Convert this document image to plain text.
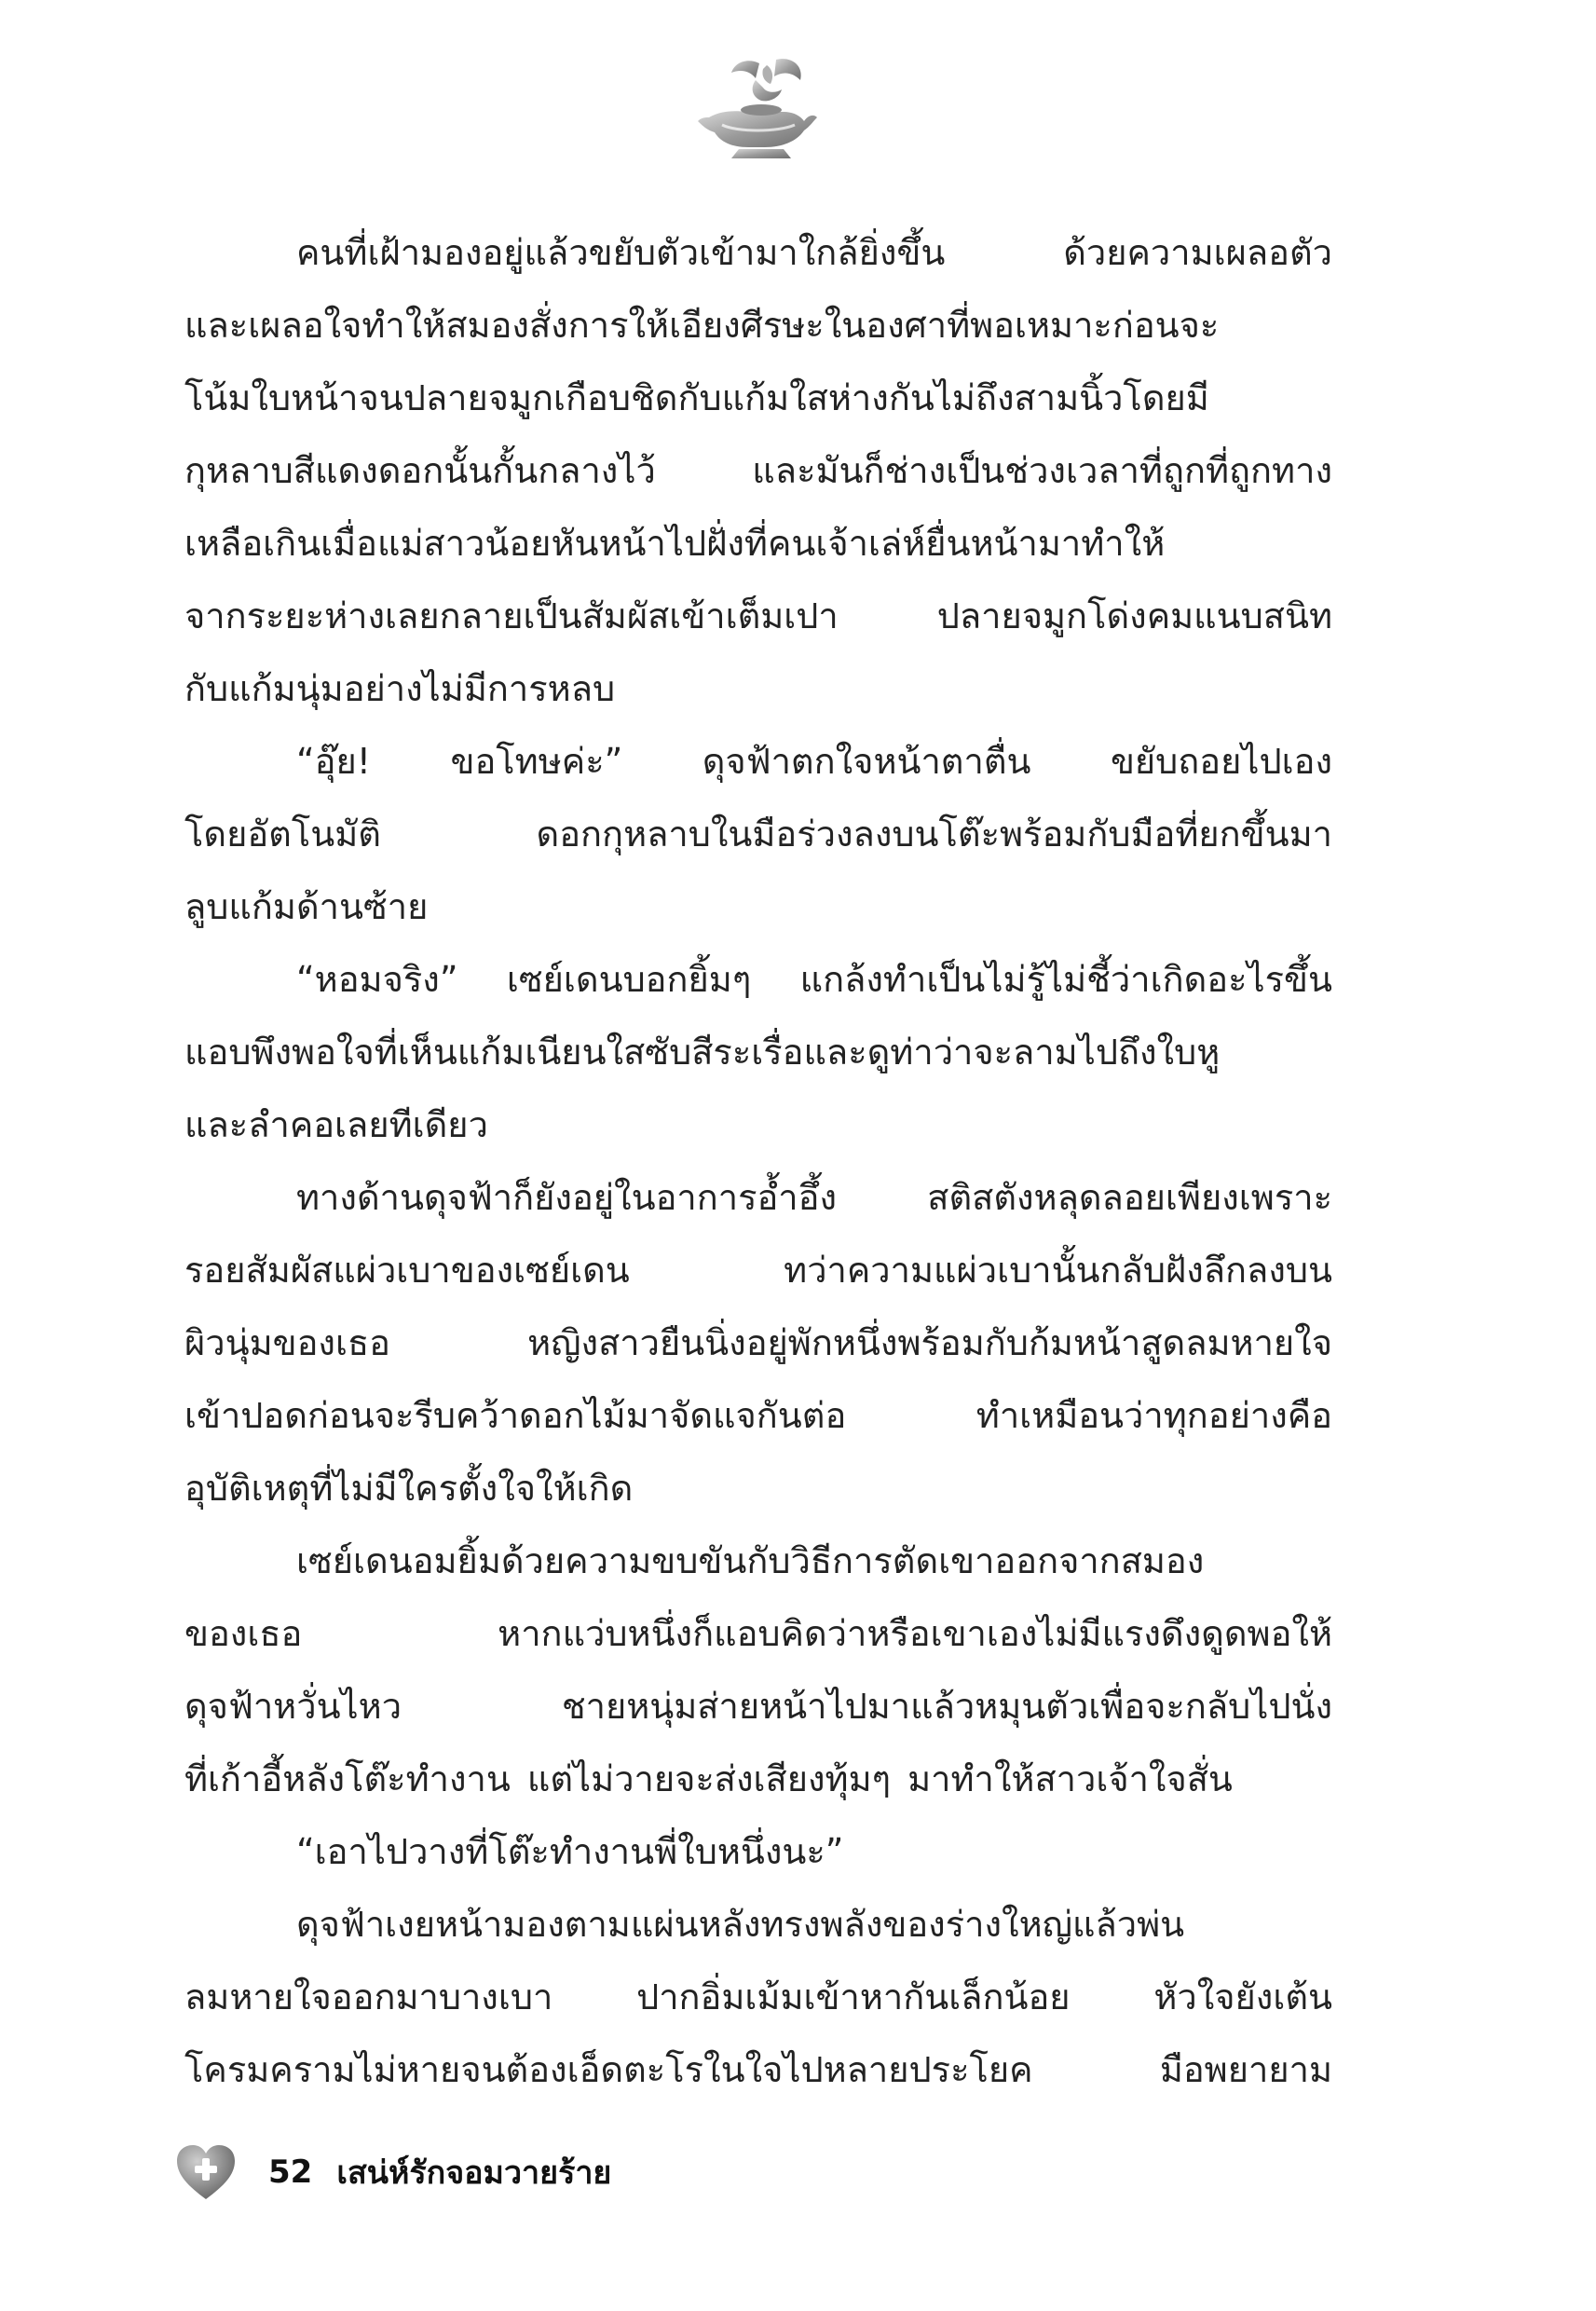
คนที่เฝ้ามองอยู่แล้วขยับตัวเข้ามาใกล้ยิ่งขึ้น	ด้วยความเผลอตัว
และเผลอใจทำให้สมองสั่งการให้เอียงศีรษะในองศาที่พอเหมาะก่อนจะ
โน้มใบหน้าจนปลายจมูกเกือบชิดกับแก้มใสห่างกันไม่ถึงสามนิ้วโดยมี
กุหลาบสีแดงดอกนั้นกั้นกลางไว้	และมันก็ช่างเป็นช่วงเวลาที่ถูกที่ถูกทาง
เหลือเกินเมื่อแม่สาวน้อยหันหน้าไปฝั่งที่คนเจ้าเล่ห์ยื่นหน้ามาทำให้
จากระยะห่างเลยกลายเป็นสัมผัสเข้าเต็มเปา	ปลายจมูกโด่งคมแนบสนิท
กับแก้มนุ่มอย่างไม่มีการหลบ
“อุ๊ย! ขอโทษค่ะ” ดุจฟ้าตกใจหน้าตาตื่น ขยับถอยไปเอง
โดยอัตโนมัติ	ดอกกุหลาบในมือร่วงลงบนโต๊ะพร้อมกับมือที่ยกขึ้นมา
ลูบแก้มด้านซ้าย
“หอมจริง” เซย์เดนบอกยิ้มๆ แกล้งทำเป็นไม่รู้ไม่ชี้ว่าเกิดอะไรขึ้น
แอบพึงพอใจที่เห็นแก้มเนียนใสซับสีระเรื่อและดูท่าว่าจะลามไปถึงใบหู
และลำคอเลยทีเดียว
ทางด้านดุจฟ้าก็ยังอยู่ในอาการอ้ำอึ้ง	สติสตังหลุดลอยเพียงเพราะ
รอยสัมผัสแผ่วเบาของเซย์เดน	ทว่าความแผ่วเบานั้นกลับฝังลึกลงบน
ผิวนุ่มของเธอ	หญิงสาวยืนนิ่งอยู่พักหนึ่งพร้อมกับก้มหน้าสูดลมหายใจ
เข้าปอดก่อนจะรีบคว้าดอกไม้มาจัดแจกันต่อ	ทำเหมือนว่าทุกอย่างคือ
อุบัติเหตุที่ไม่มีใครตั้งใจให้เกิด
เซย์เดนอมยิ้มด้วยความขบขันกับวิธีการตัดเขาออกจากสมอง
ของเธอ	หากแว่บหนึ่งก็แอบคิดว่าหรือเขาเองไม่มีแรงดึงดูดพอให้
ดุจฟ้าหวั่นไหว	ชายหนุ่มส่ายหน้าไปมาแล้วหมุนตัวเพื่อจะกลับไปนั่ง
ที่เก้าอี้หลังโต๊ะทำงาน แต่ไม่วายจะส่งเสียงทุ้มๆ มาทำให้สาวเจ้าใจสั่น
“เอาไปวางที่โต๊ะทำงานพี่ใบหนึ่งนะ”
ดุจฟ้าเงยหน้ามองตามแผ่นหลังทรงพลังของร่างใหญ่แล้วพ่น
ลมหายใจออกมาบางเบา ปากอิ่มเม้มเข้าหากันเล็กน้อย หัวใจยังเต้น
โครมครามไม่หายจนต้องเอ็ดตะโรในใจไปหลายประโยค	มือพยายาม
52 เสน่ห์รักจอมวายร้าย
